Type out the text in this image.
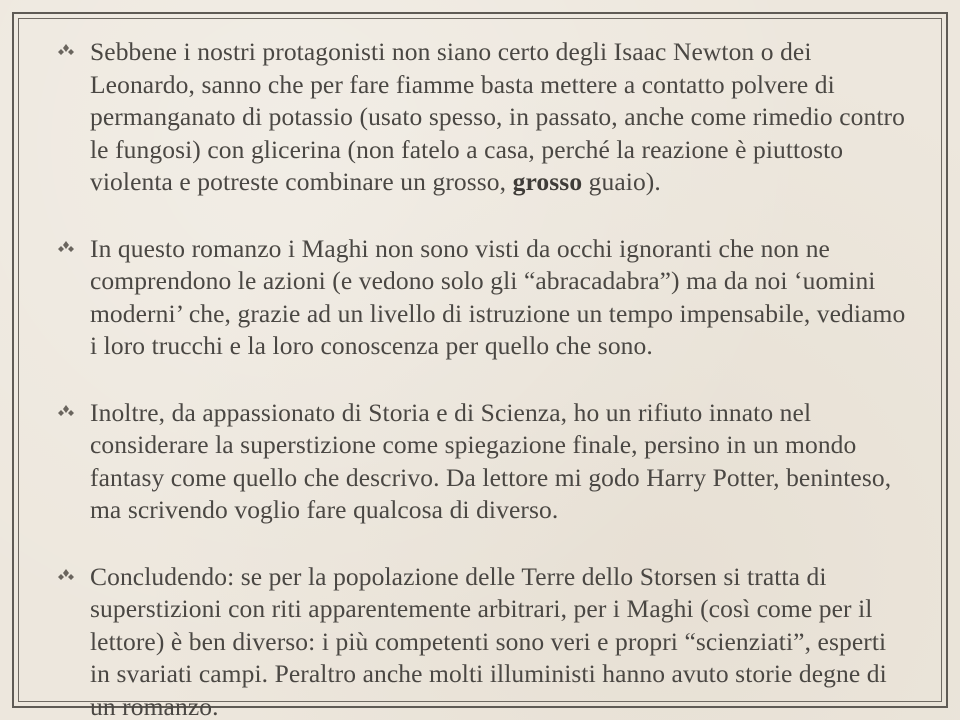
Sebbene i nostri protagonisti non siano certo degli Isaac Newton o dei Leonardo, sanno che per fare fiamme basta mettere a contatto polvere di permanganato di potassio (usato spesso, in passato, anche come rimedio contro le fungosi) con glicerina (non fatelo a casa, perché la reazione è piuttosto violenta e potreste combinare un grosso, grosso guaio).

In questo romanzo i Maghi non sono visti da occhi ignoranti che non ne comprendono le azioni (e vedono solo gli “abracadabra”) ma da noi ‘uomini moderni’ che, grazie ad un livello di istruzione un tempo impensabile, vediamo i loro trucchi e la loro conoscenza per quello che sono.

Inoltre, da appassionato di Storia e di Scienza, ho un rifiuto innato nel considerare la superstizione come spiegazione finale, persino in un mondo fantasy come quello che descrivo. Da lettore mi godo Harry Potter, beninteso, ma scrivendo voglio fare qualcosa di diverso.

Concludendo: se per la popolazione delle Terre dello Storsen si tratta di superstizioni con riti apparentemente arbitrari, per i Maghi (così come per il lettore) è ben diverso: i più competenti sono veri e propri “scienziati”, esperti in svariati campi. Peraltro anche molti illuministi hanno avuto storie degne di un romanzo.
